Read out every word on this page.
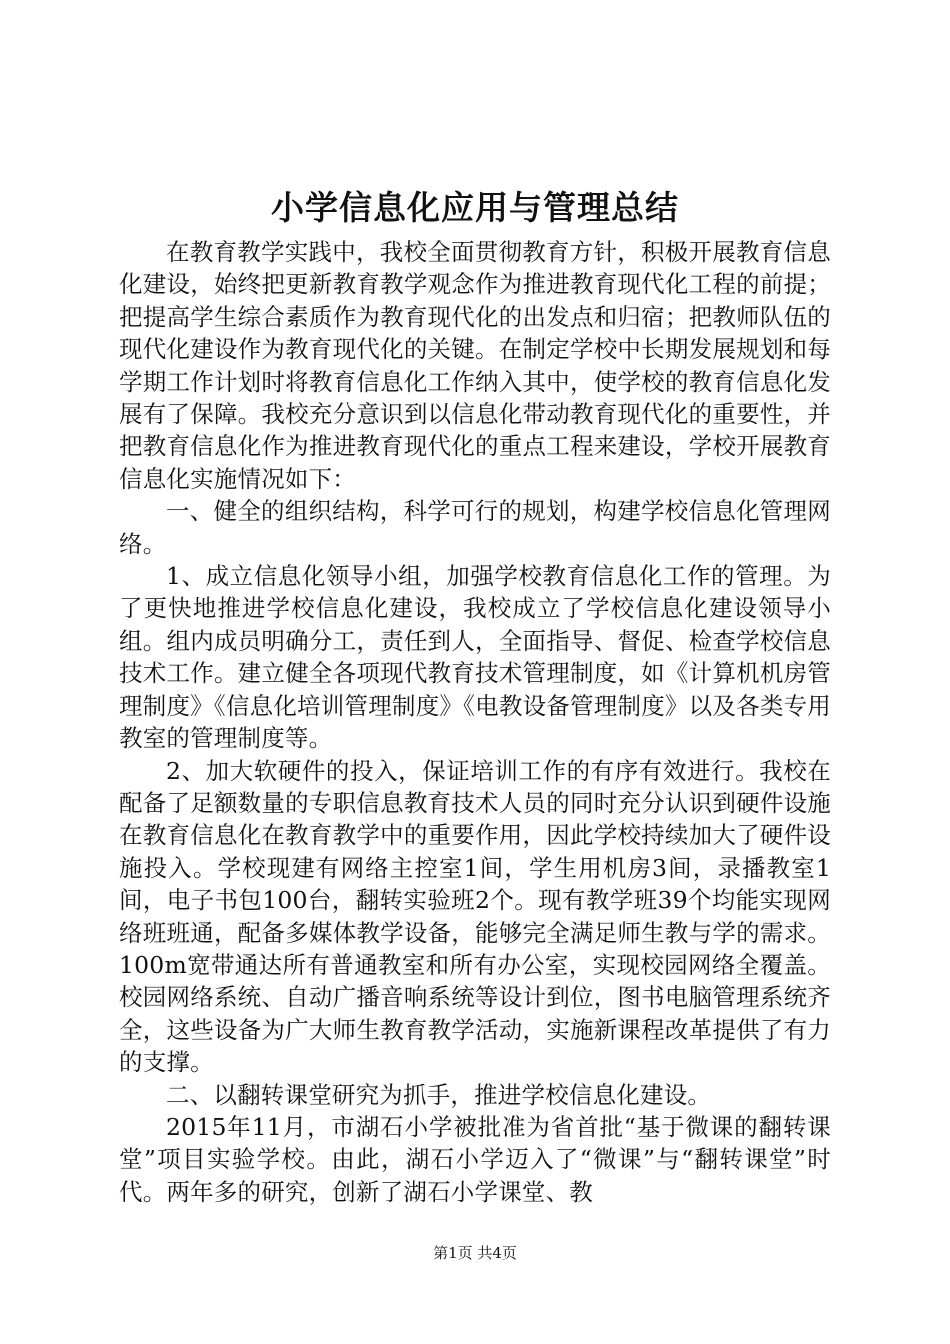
小学信息化应用与管理总结

在教育教学实践中，我校全面贯彻教育方针，积极开展教育信息化建设，始终把更新教育教学观念作为推进教育现代化工程的前提；把提高学生综合素质作为教育现代化的出发点和归宿；把教师队伍的现代化建设作为教育现代化的关键。在制定学校中长期发展规划和每学期工作计划时将教育信息化工作纳入其中，使学校的教育信息化发展有了保障。我校充分意识到以信息化带动教育现代化的重要性，并把教育信息化作为推进教育现代化的重点工程来建设，学校开展教育信息化实施情况如下：

一、健全的组织结构，科学可行的规划，构建学校信息化管理网络。

1、成立信息化领导小组，加强学校教育信息化工作的管理。为了更快地推进学校信息化建设，我校成立了学校信息化建设领导小组。组内成员明确分工，责任到人，全面指导、督促、检查学校信息技术工作。建立健全各项现代教育技术管理制度，如《计算机机房管理制度》《信息化培训管理制度》《电教设备管理制度》以及各类专用教室的管理制度等。

2、加大软硬件的投入，保证培训工作的有序有效进行。我校在配备了足额数量的专职信息教育技术人员的同时充分认识到硬件设施在教育信息化在教育教学中的重要作用，因此学校持续加大了硬件设施投入。学校现建有网络主控室1间，学生用机房3间，录播教室1间，电子书包100台，翻转实验班2个。现有教学班39个均能实现网络班班通，配备多媒体教学设备，能够完全满足师生教与学的需求。100m宽带通达所有普通教室和所有办公室，实现校园网络全覆盖。校园网络系统、自动广播音响系统等设计到位，图书电脑管理系统齐全，这些设备为广大师生教育教学活动，实施新课程改革提供了有力的支撑。

二、以翻转课堂研究为抓手，推进学校信息化建设。

2015年11月，市湖石小学被批准为省首批“基于微课的翻转课堂”项目实验学校。由此，湖石小学迈入了“微课”与“翻转课堂”时代。两年多的研究，创新了湖石小学课堂、教

第1页 共4页
